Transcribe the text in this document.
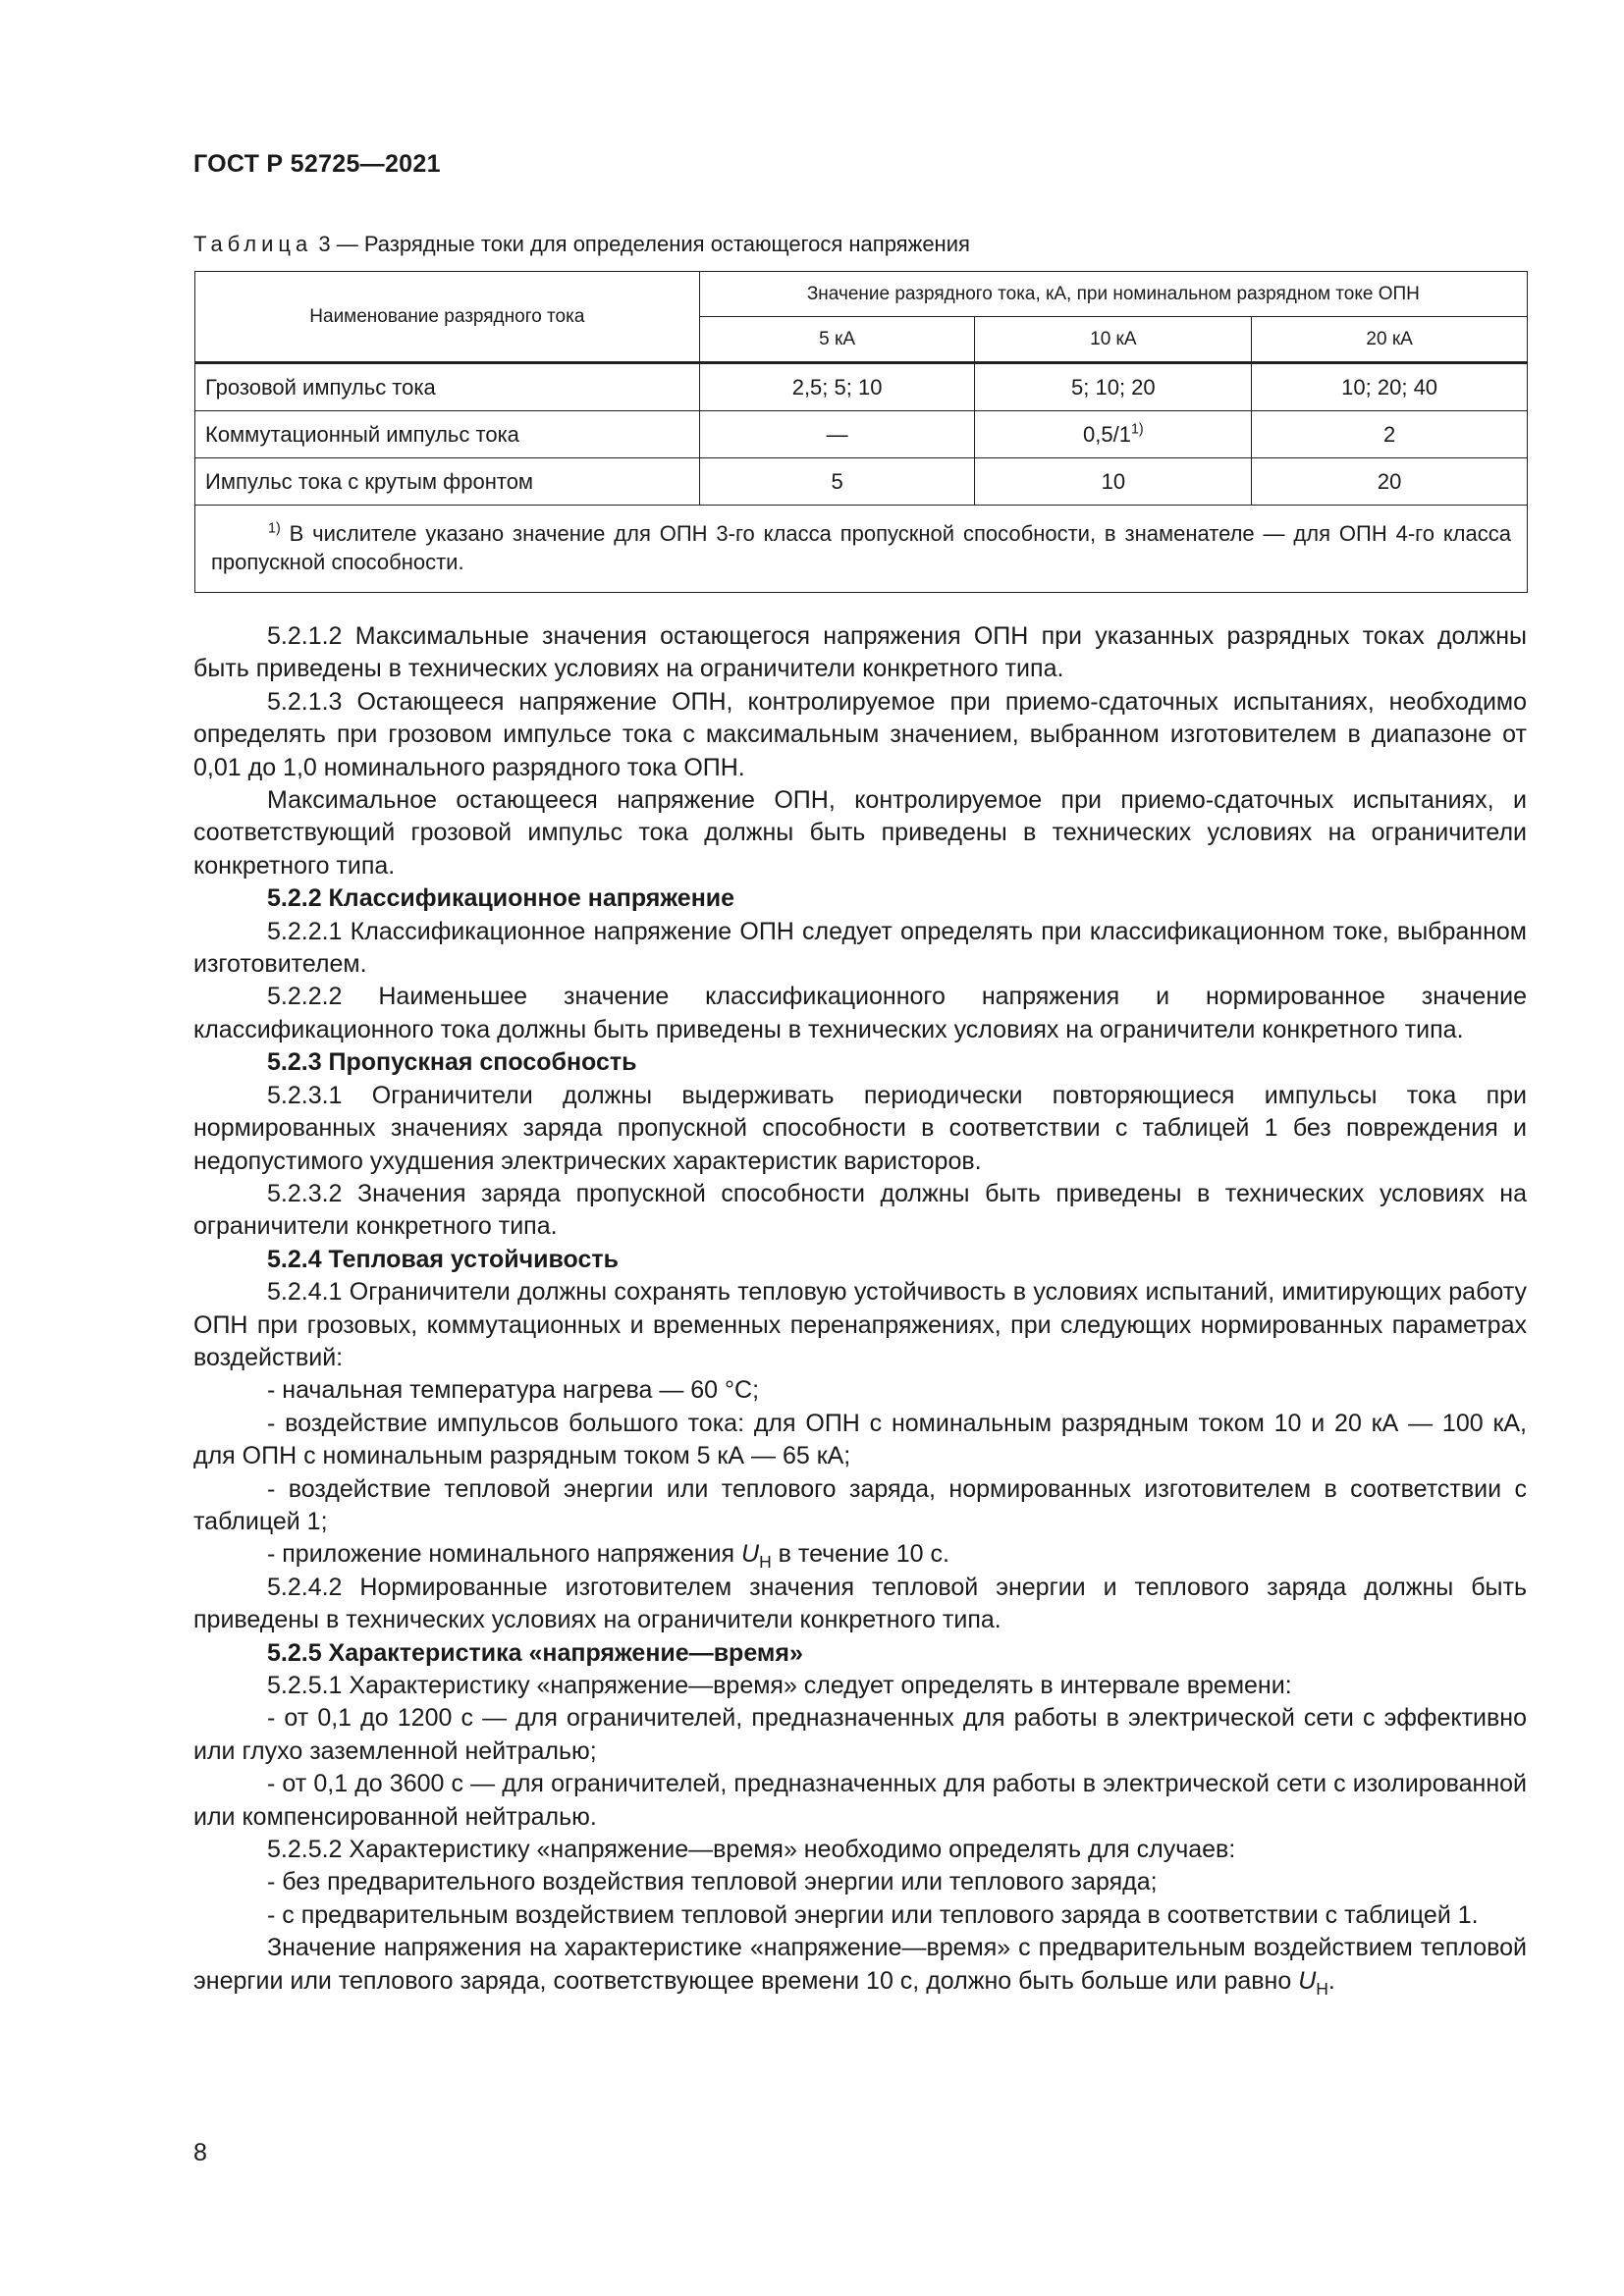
ГОСТ Р 52725—2021
Таблица 3 — Разрядные токи для определения остающегося напряжения
Наименование разрядного тока	Значение разрядного тока, кА, при номинальном разрядном токе ОПН		
	5 кА	10 кА	20 кА
Грозовой импульс тока	2,5; 5; 10	5; 10; 20	10; 20; 40
Коммутационный импульс тока	—	0,5/1$^{1)}$	2
Импульс тока с крутым фронтом	5	10	20
$^{1)}$ В числителе указано значение для ОПН 3-го класса пропускной способности, в знаменателе — для ОПН 4-го класса пропускной способности.			

5.2.1.2 Максимальные значения остающегося напряжения ОПН при указанных разрядных токах должны быть приведены в технических условиях на ограничители конкретного типа.

5.2.1.3 Остающееся напряжение ОПН, контролируемое при приемо-сдаточных испытаниях, необходимо определять при грозовом импульсе тока с максимальным значением, выбранном изготовителем в диапазоне от 0,01 до 1,0 номинального разрядного тока ОПН.

Максимальное остающееся напряжение ОПН, контролируемое при приемо-сдаточных испытаниях, и соответствующий грозовой импульс тока должны быть приведены в технических условиях на ограничители конкретного типа.

5.2.2 Классификационное напряжение

5.2.2.1 Классификационное напряжение ОПН следует определять при классификационном токе, выбранном изготовителем.

5.2.2.2 Наименьшее значение классификационного напряжения и нормированное значение классификационного тока должны быть приведены в технических условиях на ограничители конкретного типа.

5.2.3 Пропускная способность

5.2.3.1 Ограничители должны выдерживать периодически повторяющиеся импульсы тока при нормированных значениях заряда пропускной способности в соответствии с таблицей 1 без повреждения и недопустимого ухудшения электрических характеристик варисторов.

5.2.3.2 Значения заряда пропускной способности должны быть приведены в технических условиях на ограничители конкретного типа.

5.2.4 Тепловая устойчивость

5.2.4.1 Ограничители должны сохранять тепловую устойчивость в условиях испытаний, имитирующих работу ОПН при грозовых, коммутационных и временных перенапряжениях, при следующих нормированных параметрах воздействий:

- начальная температура нагрева — 60 °С;

- воздействие импульсов большого тока: для ОПН с номинальным разрядным током 10 и 20 кА — 100 кА, для ОПН с номинальным разрядным током 5 кА — 65 кА;

- воздействие тепловой энергии или теплового заряда, нормированных изготовителем в соответствии с таблицей 1;

- приложение номинального напряжения $U_Н$ в течение 10 с.

5.2.4.2 Нормированные изготовителем значения тепловой энергии и теплового заряда должны быть приведены в технических условиях на ограничители конкретного типа.

5.2.5 Характеристика «напряжение—время»

5.2.5.1 Характеристику «напряжение—время» следует определять в интервале времени:

- от 0,1 до 1200 с — для ограничителей, предназначенных для работы в электрической сети с эффективно или глухо заземленной нейтралью;

- от 0,1 до 3600 с — для ограничителей, предназначенных для работы в электрической сети с изолированной или компенсированной нейтралью.

5.2.5.2 Характеристику «напряжение—время» необходимо определять для случаев:

- без предварительного воздействия тепловой энергии или теплового заряда;

- с предварительным воздействием тепловой энергии или теплового заряда в соответствии с таблицей 1.

Значение напряжения на характеристике «напряжение—время» с предварительным воздействием тепловой энергии или теплового заряда, соответствующее времени 10 с, должно быть больше или равно $U_Н$.

8
